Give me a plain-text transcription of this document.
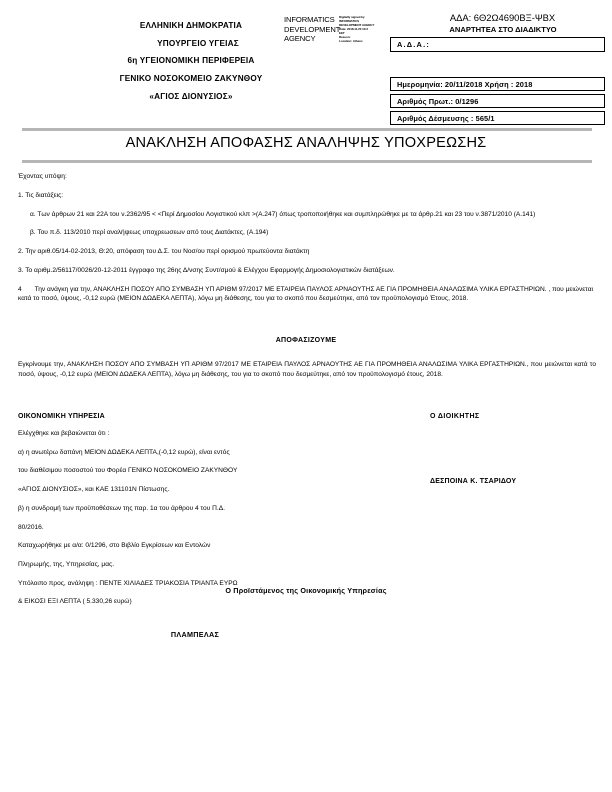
ΕΛΛΗΝΙΚΗ ΔΗΜΟΚΡΑΤΙΑ
ΥΠΟΥΡΓΕΙΟ ΥΓΕΙΑΣ
6η ΥΓΕΙΟΝΟΜΙΚΗ ΠΕΡΙΦΕΡΕΙΑ
ΓΕΝΙΚΟ ΝΟΣΟΚΟΜΕΙΟ ΖΑΚΥΝΘΟΥ
«ΑΓΙΟΣ ΔΙΟΝΥΣΙΟΣ»
INFORMATICS DEVELOPMENT AGENCY
Digitally signed by
INFORMATICS
DEVELOPMENT AGENCY
Date: 2018.11.20 10:2
EET
Reason:
Location: Athens
ΑΔΑ: 6Θ2Ω4690ΒΞ-ΨΒΧ
ΑΝΑΡΤΗΤΕΑ ΣΤΟ ΔΙΑΔΙΚΤΥΟ
Α.Δ.Α.:
Ημερομηνία: 20/11/2018 Χρήση : 2018
Αριθμός Πρωτ.: 0/1296
Αριθμός Δέσμευσης : 565/1
ΑΝΑΚΛΗΣΗ ΑΠΟΦΑΣΗΣ ΑΝΑΛΗΨΗΣ ΥΠΟΧΡΕΩΣΗΣ
Έχοντας υπόψη:
1. Τις διατάξεις:
α. Των άρθρων 21 και 22Α του ν.2362/95 < <Περί Δημοσίου Λογιστικού κλπ >(Α.247) όπως τροποποιήθηκε και συμπληρώθηκε με τα άρθρ.21 και 23 του ν.3871/2010 (Α.141)
β. Του π.δ. 113/2010 περί αναλήψεως υποχρεωσεων από τους Διατάκτες, (Α.194)
2. Την αριθ.05/14-02-2013, Θ:20, απόφαση του Δ.Σ. του Νοσ/ου περί ορισμού πρωτεύοντα διατάκτη
3. Το αριθμ.2/56117/0026/20-12-2011 έγγραφο της 26ης Δ/νσης Συντ/σμού & Ελέγχου Εφαρμογής Δημοσιολογιστικών διατάξεων.
4 Την ανάγκη για την, ΑΝΑΚΛΗΣΗ ΠΟΣΟΥ ΑΠΟ ΣΥΜΒΑΣΗ ΥΠ ΑΡΙΘΜ 97/2017 ΜΕ ΕΤΑΙΡΕΙΑ ΠΑΥΛΟΣ ΑΡΝΑΟΥΤΗΣ ΑΕ ΓΙΑ ΠΡΟΜΗΘΕΙΑ ΑΝΑΛΩΣΙΜΑ ΥΛΙΚΑ ΕΡΓΑΣΤΗΡΙΩΝ. , που μειώνεται κατά το ποσό, ύψους, -0,12 ευρώ (ΜΕΙΟΝ ΔΩΔΕΚΑ ΛΕΠΤΑ), λόγω μη διάθεσης, του για το σκοπό που δεσμεύτηκε, από τον προϋπολογισμό Έτους, 2018.
ΑΠΟΦΑΣΙΖΟΥΜΕ
Εγκρίνουμε την, ΑΝΑΚΛΗΣΗ ΠΟΣΟΥ ΑΠΟ ΣΥΜΒΑΣΗ ΥΠ ΑΡΙΘΜ 97/2017 ΜΕ ΕΤΑΙΡΕΙΑ ΠΑΥΛΟΣ ΑΡΝΑΟΥΤΗΣ ΑΕ ΓΙΑ ΠΡΟΜΗΘΕΙΑ ΑΝΑΛΩΣΙΜΑ ΥΛΙΚΑ ΕΡΓΑΣΤΗΡΙΩΝ., που μειώνεται κατά το ποσό, ύψους, -0,12 ευρώ (ΜΕΙΟΝ ΔΩΔΕΚΑ ΛΕΠΤΑ), λόγω μη διάθεσης, του για το σκοπό που δεσμεύτηκε, από τον προϋπολογισμό έτους, 2018.
ΟΙΚΟΝΟΜΙΚΗ ΥΠΗΡΕΣΙΑ
Ελέγχθηκε και βεβαιώνεται ότι :
α) η ανωτέρω δαπάνη ΜΕΙΟΝ ΔΩΔΕΚΑ ΛΕΠΤΑ,(-0,12 ευρώ), είναι εντός
του διαθέσιμου ποσοστού του Φορέα ΓΕΝΙΚΟ ΝΟΣΟΚΟΜΕΙΟ ΖΑΚΥΝΘΟΥ
«ΑΓΙΟΣ ΔΙΟΝΥΣΙΟΣ», και ΚΑΕ 131101Ν Πίστωσης.
β) η συνδρομή των προϋποθέσεων της παρ. 1α του άρθρου 4 του Π.Δ.
80/2016.
Καταχωρήθηκε με α/α: 0/1296, στο Βιβλίο Εγκρίσεων και Εντολών
Πληρωμής, της, Υπηρεσίας, μας.
Υπόλοιπο προς, ανάληψη : ΠΕΝΤΕ ΧΙΛΙΑΔΕΣ ΤΡΙΑΚΟΣΙΑ ΤΡΙΑΝΤΑ ΕΥΡΩ
& ΕΙΚΟΣΙ ΕΞΙ ΛΕΠΤΑ ( 5.330,26 ευρώ)
Ο ΔΙΟΙΚΗΤΗΣ
ΔΕΣΠΟΙΝΑ Κ. ΤΣΑΡΙΔΟΥ
Ο Προϊστάμενος της Οικονομικής Υπηρεσίας
ΠΛΑΜΠΕΛΑΣ
